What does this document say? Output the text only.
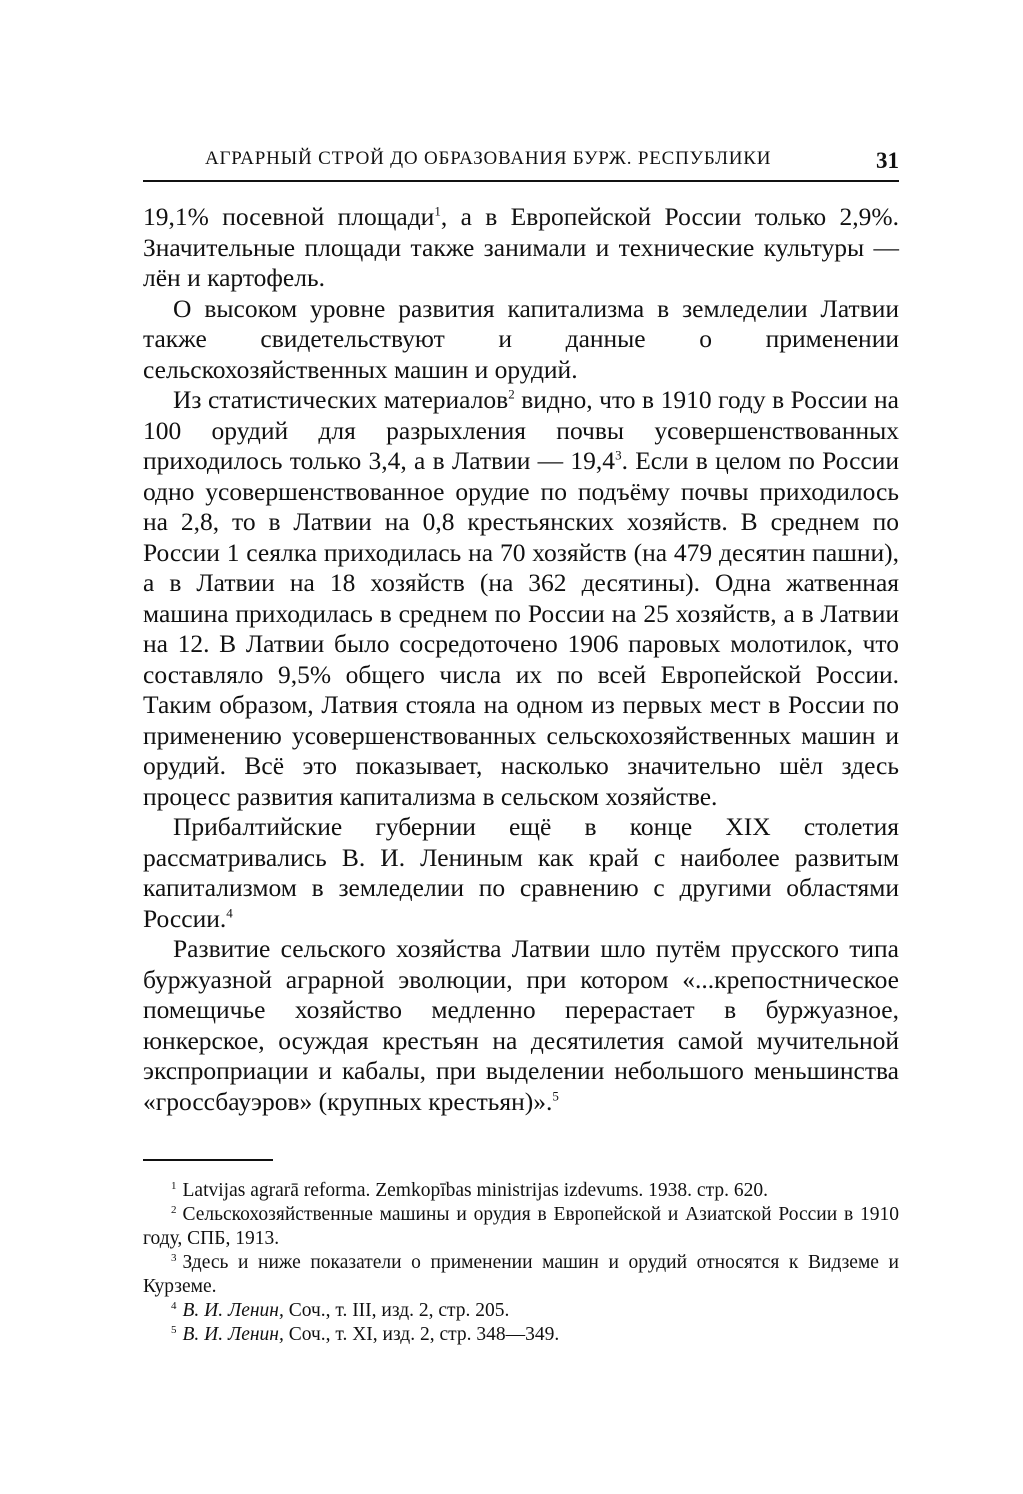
АГРАРНЫЙ СТРОЙ ДО ОБРАЗОВАНИЯ БУРЖ. РЕСПУБЛИКИ	31

19,1% посевной площади$^1$, а в Европейской России только 2,9%. Значительные площади также занимали и технические культуры — лён и картофель.

О высоком уровне развития капитализма в земледелии Латвии также свидетельствуют и данные о применении сельскохозяйственных машин и орудий.

Из статистических материалов$^2$ видно, что в 1910 году в России на 100 орудий для разрыхления почвы усовершенствованных приходилось только 3,4, а в Латвии — 19,4$^3$. Если в целом по России одно усовершенствованное орудие по подъёму почвы приходилось на 2,8, то в Латвии на 0,8 крестьянских хозяйств. В среднем по России 1 сеялка приходилась на 70 хозяйств (на 479 десятин пашни), а в Латвии на 18 хозяйств (на 362 десятины). Одна жатвенная машина приходилась в среднем по России на 25 хозяйств, а в Латвии на 12. В Латвии было сосредоточено 1906 паровых молотилок, что составляло 9,5% общего числа их по всей Европейской России. Таким образом, Латвия стояла на одном из первых мест в России по применению усовершенствованных сельскохозяйственных машин и орудий. Всё это показывает, насколько значительно шёл здесь процесс развития капитализма в сельском хозяйстве.

Прибалтийские губернии ещё в конце XIX столетия рассматривались В. И. Лениным как край с наиболее развитым капитализмом в земледелии по сравнению с другими областями России.$^4$

Развитие сельского хозяйства Латвии шло путём прусского типа буржуазной аграрной эволюции, при котором «...крепостническое помещичье хозяйство медленно перерастает в буржуазное, юнкерское, осуждая крестьян на десятилетия самой мучительной экспроприации и кабалы, при выделении небольшого меньшинства «гроссбауэров» (крупных крестьян)».$^5$

$^1$ Latvijas agrarā reforma. Zemkopības ministrijas izdevums. 1938. стр. 620.

$^2$ Сельскохозяйственные машины и орудия в Европейской и Азиатской России в 1910 году, СПБ, 1913.

$^3$ Здесь и ниже показатели о применении машин и орудий относятся к Видземе и Курземе.

$^4$ В. И. Ленин, Соч., т. III, изд. 2, стр. 205.

$^5$ В. И. Ленин, Соч., т. XI, изд. 2, стр. 348—349.
